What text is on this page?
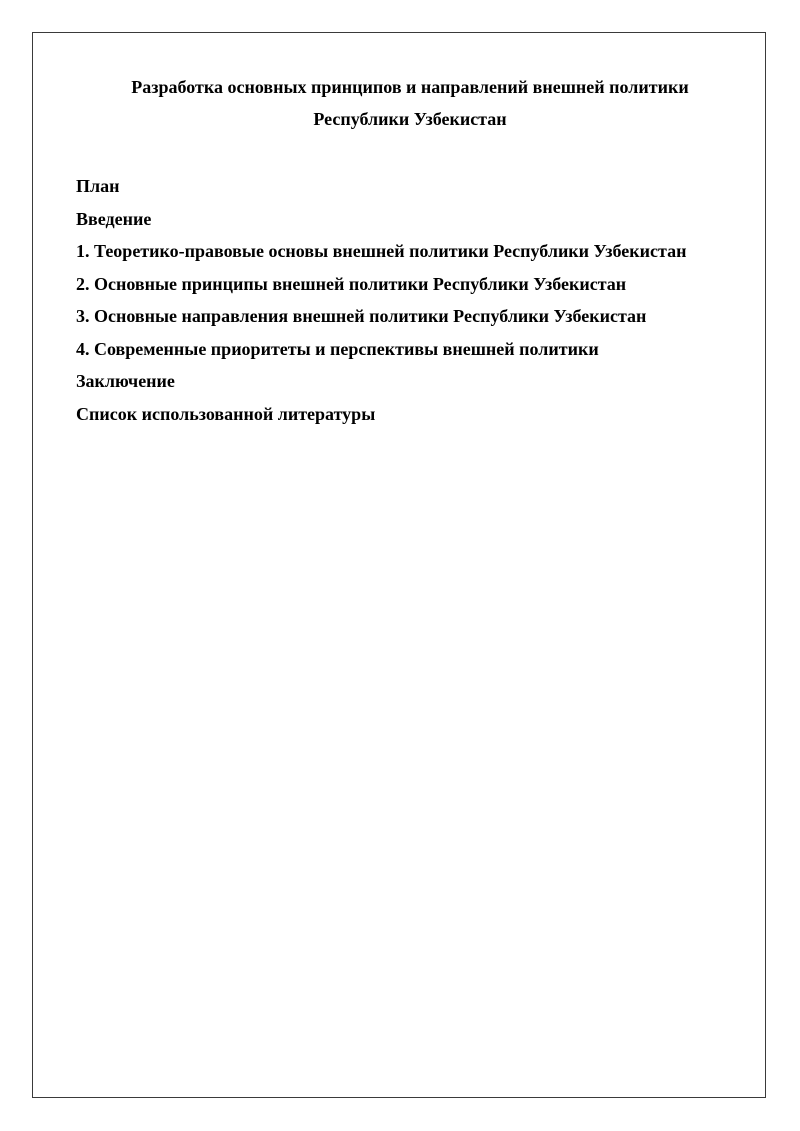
Разработка основных принципов и направлений внешней политики
Республики Узбекистан
План
Введение
1. Теоретико-правовые основы внешней политики Республики Узбекистан
2. Основные принципы внешней политики Республики Узбекистан
3. Основные направления внешней политики Республики Узбекистан
4. Современные приоритеты и перспективы внешней политики
Заключение
Список использованной литературы
